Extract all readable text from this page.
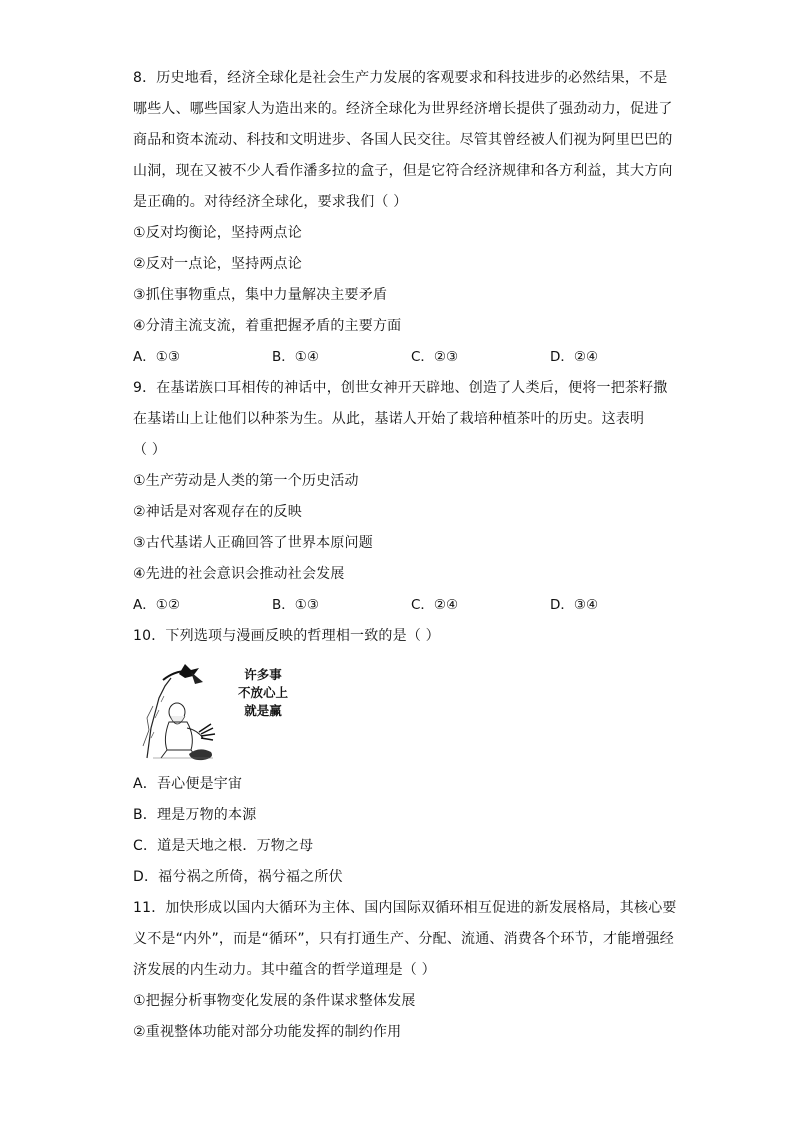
8．历史地看，经济全球化是社会生产力发展的客观要求和科技进步的必然结果，不是
哪些人、哪些国家人为造出来的。经济全球化为世界经济增长提供了强劲动力，促进了
商品和资本流动、科技和文明进步、各国人民交往。尽管其曾经被人们视为阿里巴巴的
山洞，现在又被不少人看作潘多拉的盒子，但是它符合经济规律和各方利益，其大方向
是正确的。对待经济全球化，要求我们（ ）
①反对均衡论，坚持两点论
②反对一点论，坚持两点论
③抓住事物重点，集中力量解决主要矛盾
④分清主流支流，着重把握矛盾的主要方面
A．①③	B．①④	C．②③	D．②④
9．在基诺族口耳相传的神话中，创世女神开天辟地、创造了人类后，便将一把茶籽撒
在基诺山上让他们以种茶为生。从此，基诺人开始了栽培种植茶叶的历史。这表明
（ ）
①生产劳动是人类的第一个历史活动
②神话是对客观存在的反映
③古代基诺人正确回答了世界本原问题
④先进的社会意识会推动社会发展
A．①②	B．①③	C．②④	D．③④
10．下列选项与漫画反映的哲理相一致的是（ ）
许多事
不放心上
就是赢
A．吾心便是宇宙
B．理是万物的本源
C．道是天地之根．万物之母
D．福兮祸之所倚，祸兮福之所伏
11．加快形成以国内大循环为主体、国内国际双循环相互促进的新发展格局，其核心要
义不是“内外”，而是“循环”，只有打通生产、分配、流通、消费各个环节，才能增强经
济发展的内生动力。其中蕴含的哲学道理是（ ）
①把握分析事物变化发展的条件谋求整体发展
②重视整体功能对部分功能发挥的制约作用
